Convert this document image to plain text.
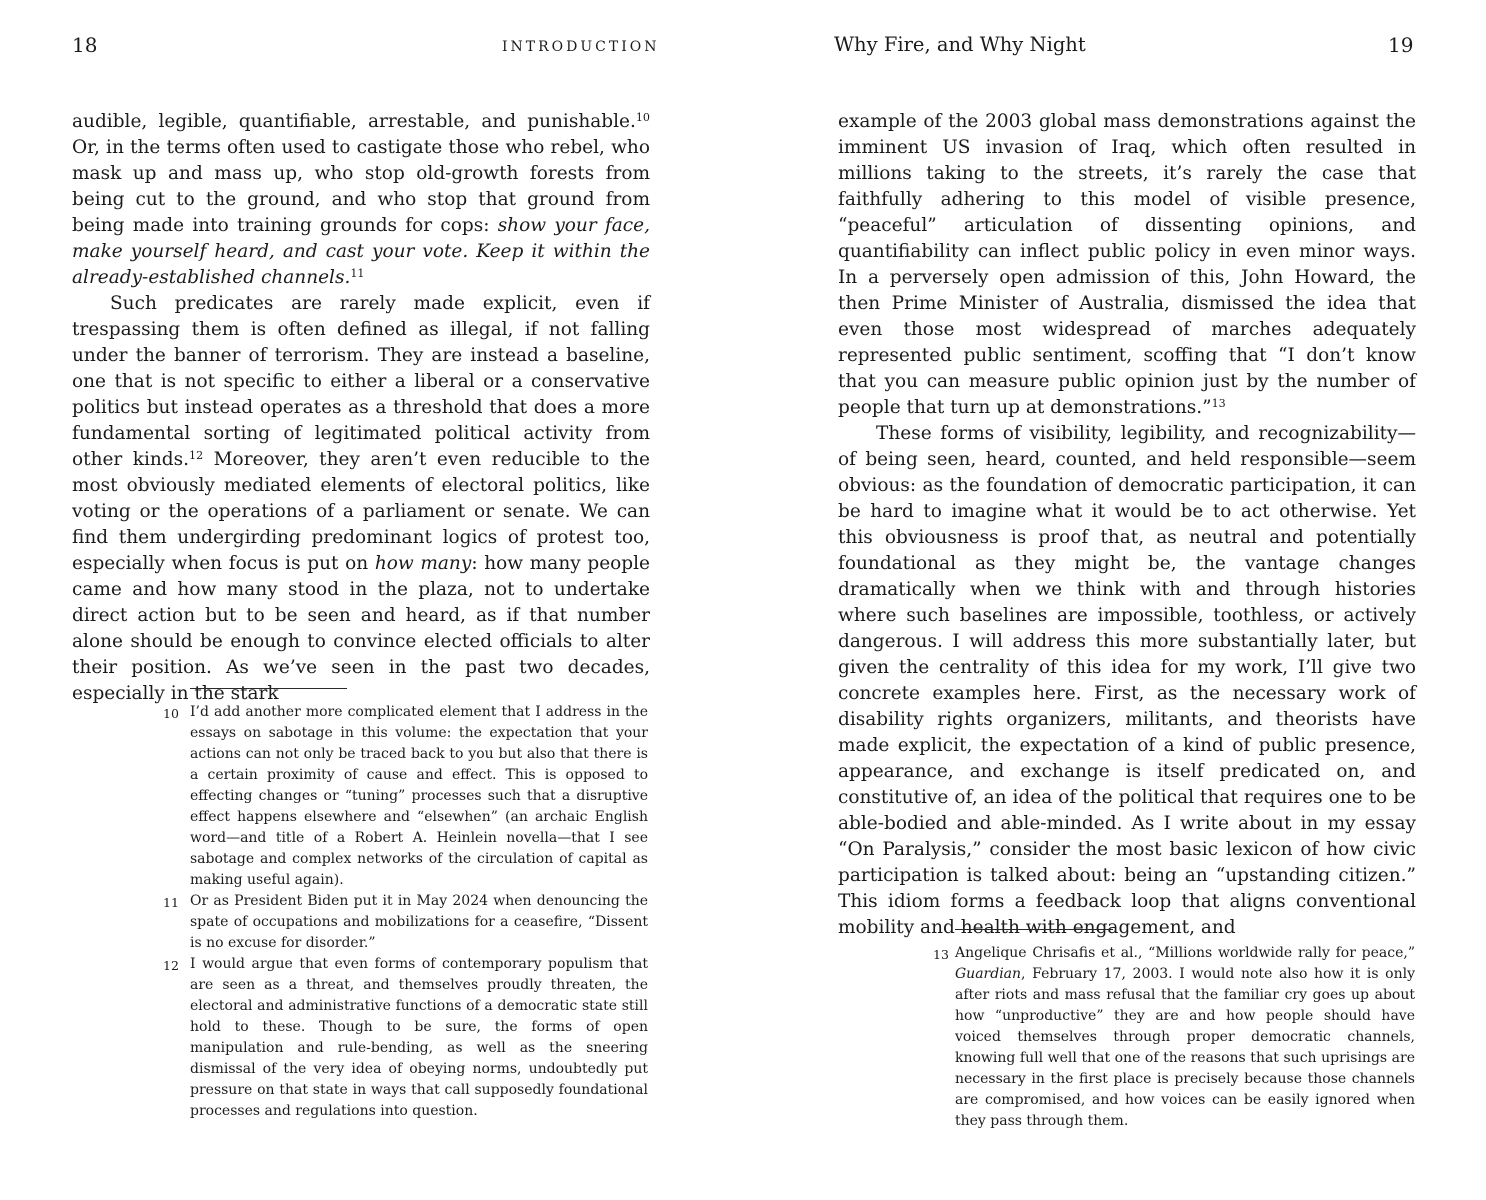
18	INTRODUCTION

audible, legible, quantifiable, arrestable, and punishable.$^{10}$ Or, in the terms often used to castigate those who rebel, who mask up and mass up, who stop old-growth forests from being cut to the ground, and who stop that ground from being made into training grounds for cops: show your face, make yourself heard, and cast your vote. Keep it within the already-established channels.$^{11}$

Such predicates are rarely made explicit, even if trespassing them is often defined as illegal, if not falling under the banner of terrorism. They are instead a baseline, one that is not specific to either a liberal or a conservative politics but instead operates as a threshold that does a more fundamental sorting of legitimated political activity from other kinds.$^{12}$ Moreover, they aren’t even reducible to the most obviously mediated elements of electoral politics, like voting or the operations of a parliament or senate. We can find them undergirding predominant logics of protest too, especially when focus is put on how many: how many people came and how many stood in the plaza, not to undertake direct action but to be seen and heard, as if that number alone should be enough to convince elected officials to alter their position. As we’ve seen in the past two decades, especially in the stark

10 I’d add another more complicated element that I address in the essays on sabotage in this volume: the expectation that your actions can not only be traced back to you but also that there is a certain proximity of cause and effect. This is opposed to effecting changes or “tuning” processes such that a disruptive effect happens elsewhere and “elsewhen” (an archaic English word—and title of a Robert A. Heinlein novella—that I see sabotage and complex networks of the circulation of capital as making useful again).
11 Or as President Biden put it in May 2024 when denouncing the spate of occupations and mobilizations for a ceasefire, “Dissent is no excuse for disorder.”
12 I would argue that even forms of contemporary populism that are seen as a threat, and themselves proudly threaten, the electoral and administrative functions of a democratic state still hold to these. Though to be sure, the forms of open manipulation and rule-bending, as well as the sneering dismissal of the very idea of obeying norms, undoubtedly put pressure on that state in ways that call supposedly foundational processes and regulations into question.
Why Fire, and Why Night	19

example of the 2003 global mass demonstrations against the imminent US invasion of Iraq, which often resulted in millions taking to the streets, it’s rarely the case that faithfully adhering to this model of visible presence, “peaceful” articulation of dissenting opinions, and quantifiability can inflect public policy in even minor ways. In a perversely open admission of this, John Howard, the then Prime Minister of Australia, dismissed the idea that even those most widespread of marches adequately represented public sentiment, scoffing that “I don’t know that you can measure public opinion just by the number of people that turn up at demonstrations.”$^{13}$

These forms of visibility, legibility, and recognizability—of being seen, heard, counted, and held responsible—seem obvious: as the foundation of democratic participation, it can be hard to imagine what it would be to act otherwise. Yet this obviousness is proof that, as neutral and potentially foundational as they might be, the vantage changes dramatically when we think with and through histories where such baselines are impossible, toothless, or actively dangerous. I will address this more substantially later, but given the centrality of this idea for my work, I’ll give two concrete examples here. First, as the necessary work of disability rights organizers, militants, and theorists have made explicit, the expectation of a kind of public presence, appearance, and exchange is itself predicated on, and constitutive of, an idea of the political that requires one to be able-bodied and able-minded. As I write about in my essay “On Paralysis,” consider the most basic lexicon of how civic participation is talked about: being an “upstanding citizen.” This idiom forms a feedback loop that aligns conventional mobility and health with engagement, and

13 Angelique Chrisafis et al., “Millions worldwide rally for peace,” Guardian, February 17, 2003. I would note also how it is only after riots and mass refusal that the familiar cry goes up about how “unproductive” they are and how people should have voiced themselves through proper democratic channels, knowing full well that one of the reasons that such uprisings are necessary in the first place is precisely because those channels are compromised, and how voices can be easily ignored when they pass through them.
